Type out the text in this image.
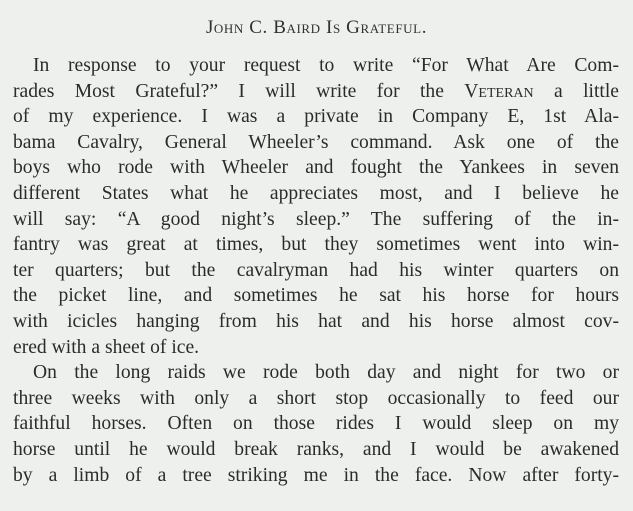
John C. Baird Is Grateful.
In response to your request to write “For What Are Com-
rades Most Grateful?” I will write for the Veteran a little
of my experience. I was a private in Company E, 1st Ala-
bama Cavalry, General Wheeler’s command. Ask one of the
boys who rode with Wheeler and fought the Yankees in seven
different States what he appreciates most, and I believe he
will say: “A good night’s sleep.” The suffering of the in-
fantry was great at times, but they sometimes went into win-
ter quarters; but the cavalryman had his winter quarters on
the picket line, and sometimes he sat his horse for hours
with icicles hanging from his hat and his horse almost cov-
ered with a sheet of ice.
On the long raids we rode both day and night for two or
three weeks with only a short stop occasionally to feed our
faithful horses. Often on those rides I would sleep on my
horse until he would break ranks, and I would be awakened
by a limb of a tree striking me in the face. Now after forty-
